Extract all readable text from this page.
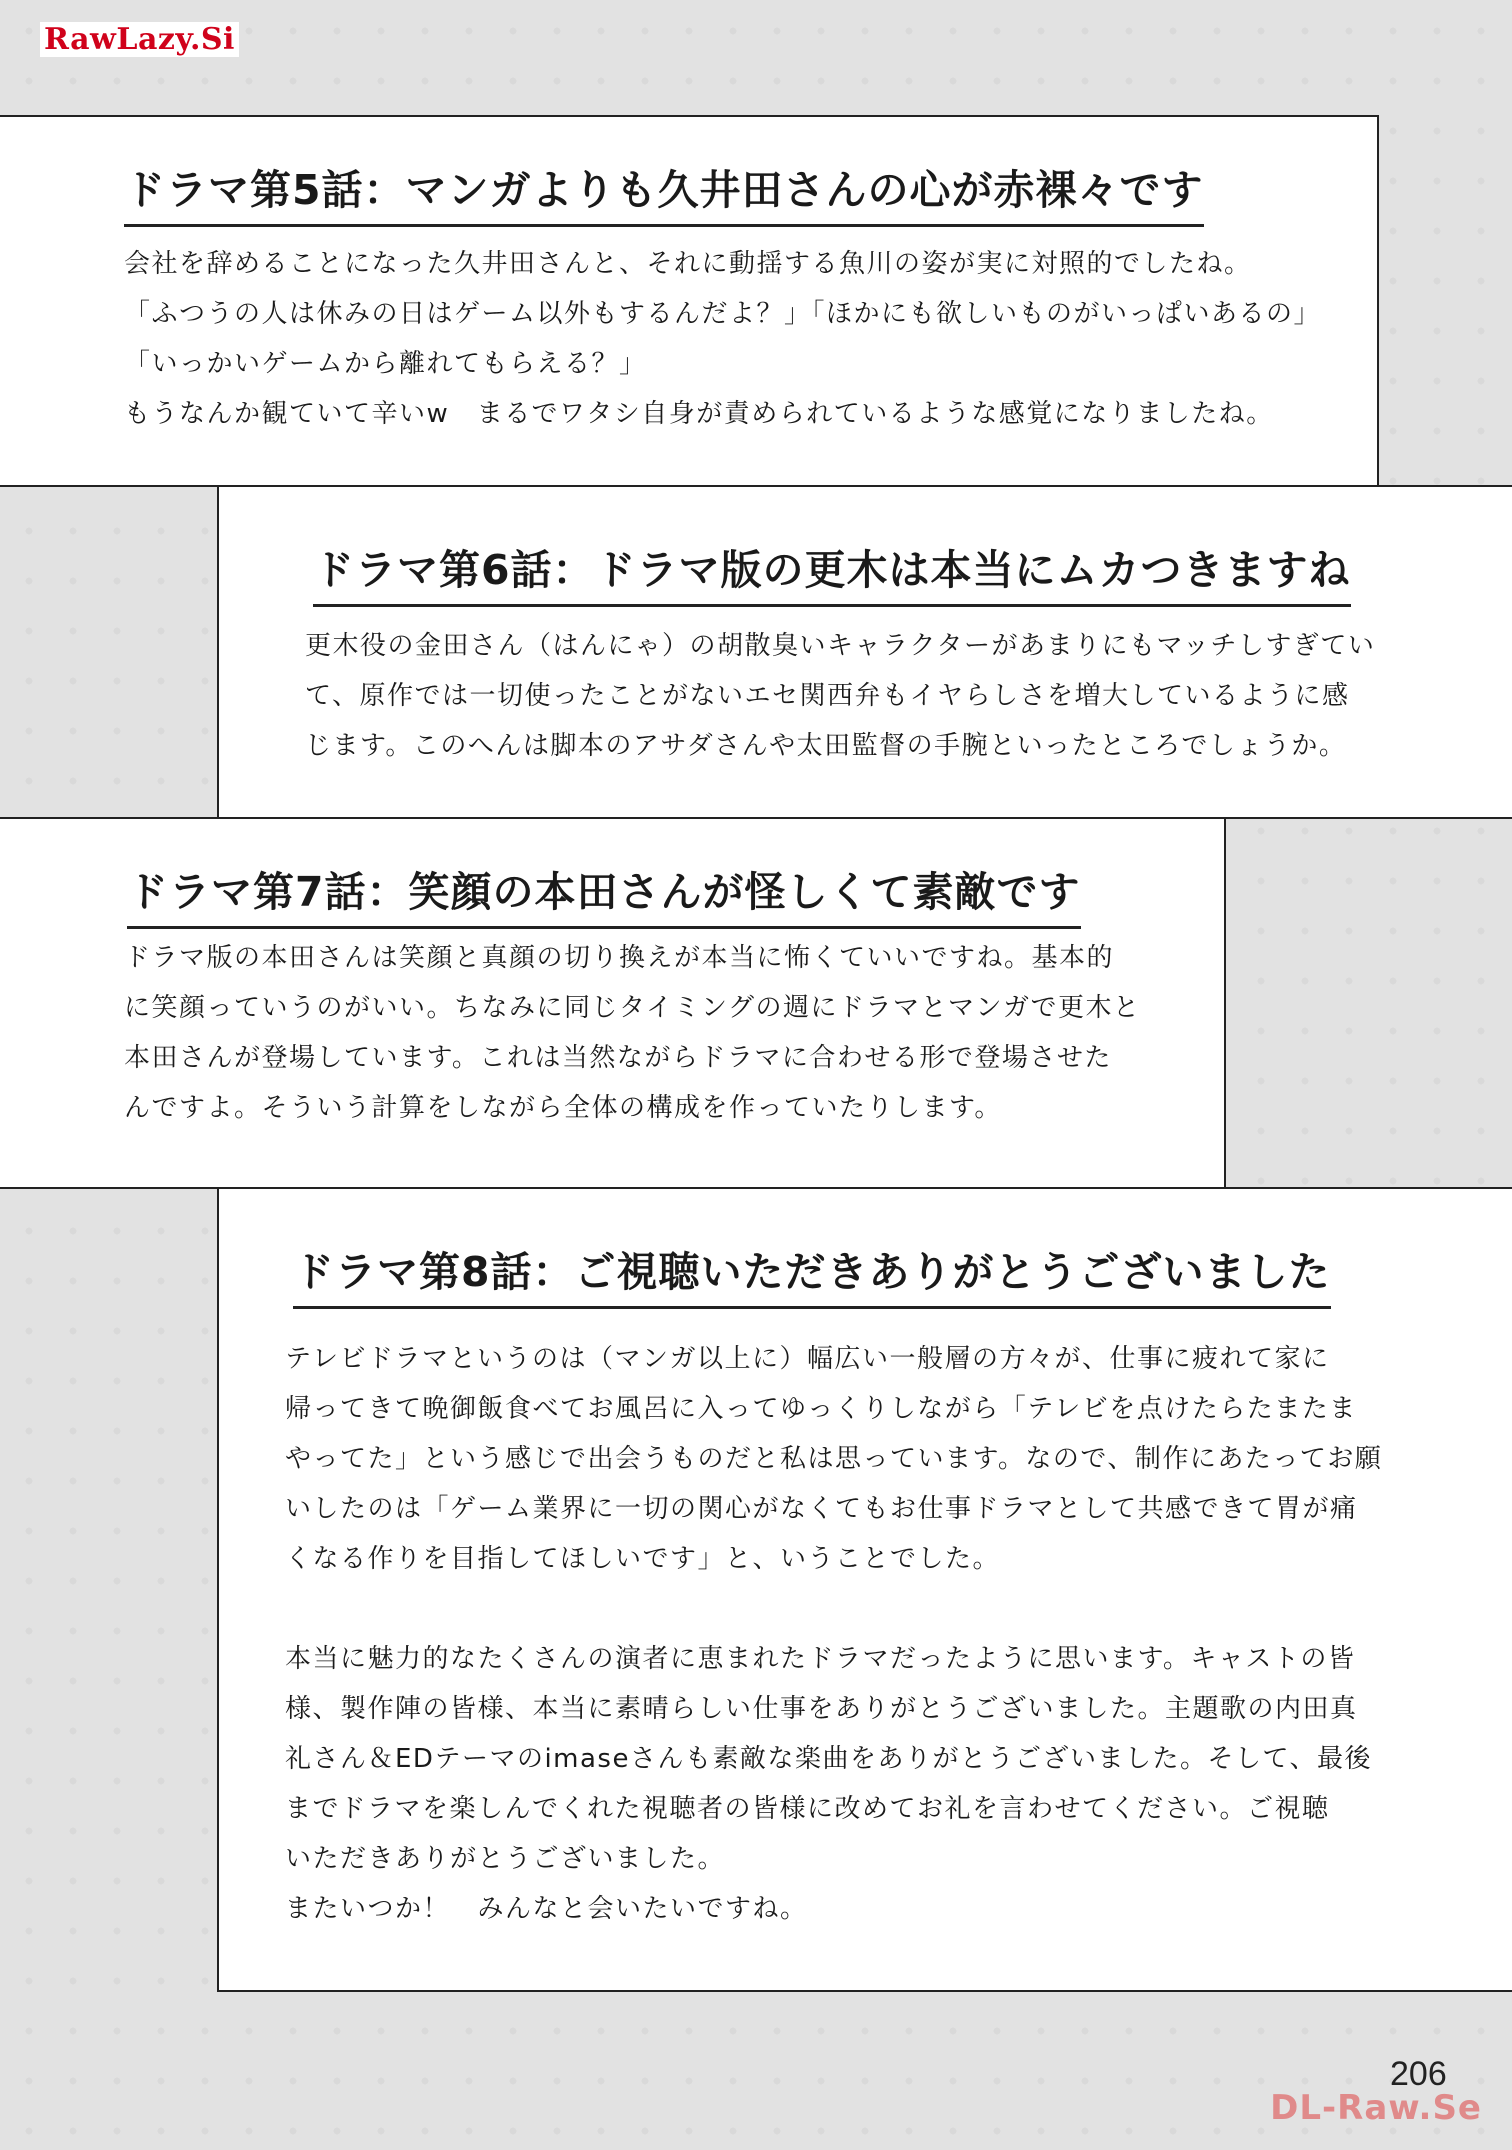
RawLazy.Si
ドラマ第5話：マンガよりも久井田さんの心が赤裸々です

会社を辞めることになった久井田さんと、それに動揺する魚川の姿が実に対照的でしたね。

「ふつうの人は休みの日はゲーム以外もするんだよ？」「ほかにも欲しいものがいっぱいあるの」

「いっかいゲームから離れてもらえる？」

もうなんか観ていて辛いw　まるでワタシ自身が責められているような感覚になりましたね。

ドラマ第6話：ドラマ版の更木は本当にムカつきますね

更木役の金田さん（はんにゃ）の胡散臭いキャラクターがあまりにもマッチしすぎてい

て、原作では一切使ったことがないエセ関西弁もイヤらしさを増大しているように感

じます。このへんは脚本のアサダさんや太田監督の手腕といったところでしょうか。

ドラマ第7話：笑顔の本田さんが怪しくて素敵です

ドラマ版の本田さんは笑顔と真顔の切り換えが本当に怖くていいですね。基本的

に笑顔っていうのがいい。ちなみに同じタイミングの週にドラマとマンガで更木と

本田さんが登場しています。これは当然ながらドラマに合わせる形で登場させた

んですよ。そういう計算をしながら全体の構成を作っていたりします。

ドラマ第8話：ご視聴いただきありがとうございました

テレビドラマというのは（マンガ以上に）幅広い一般層の方々が、仕事に疲れて家に

帰ってきて晩御飯食べてお風呂に入ってゆっくりしながら「テレビを点けたらたまたま

やってた」という感じで出会うものだと私は思っています。なので、制作にあたってお願

いしたのは「ゲーム業界に一切の関心がなくてもお仕事ドラマとして共感できて胃が痛

くなる作りを目指してほしいです」と、いうことでした。

本当に魅力的なたくさんの演者に恵まれたドラマだったように思います。キャストの皆

様、製作陣の皆様、本当に素晴らしい仕事をありがとうございました。主題歌の内田真

礼さん＆EDテーマのimaseさんも素敵な楽曲をありがとうございました。そして、最後

までドラマを楽しんでくれた視聴者の皆様に改めてお礼を言わせてください。ご視聴

いただきありがとうございました。

またいつか！　みんなと会いたいですね。

206
DL-Raw.Se
